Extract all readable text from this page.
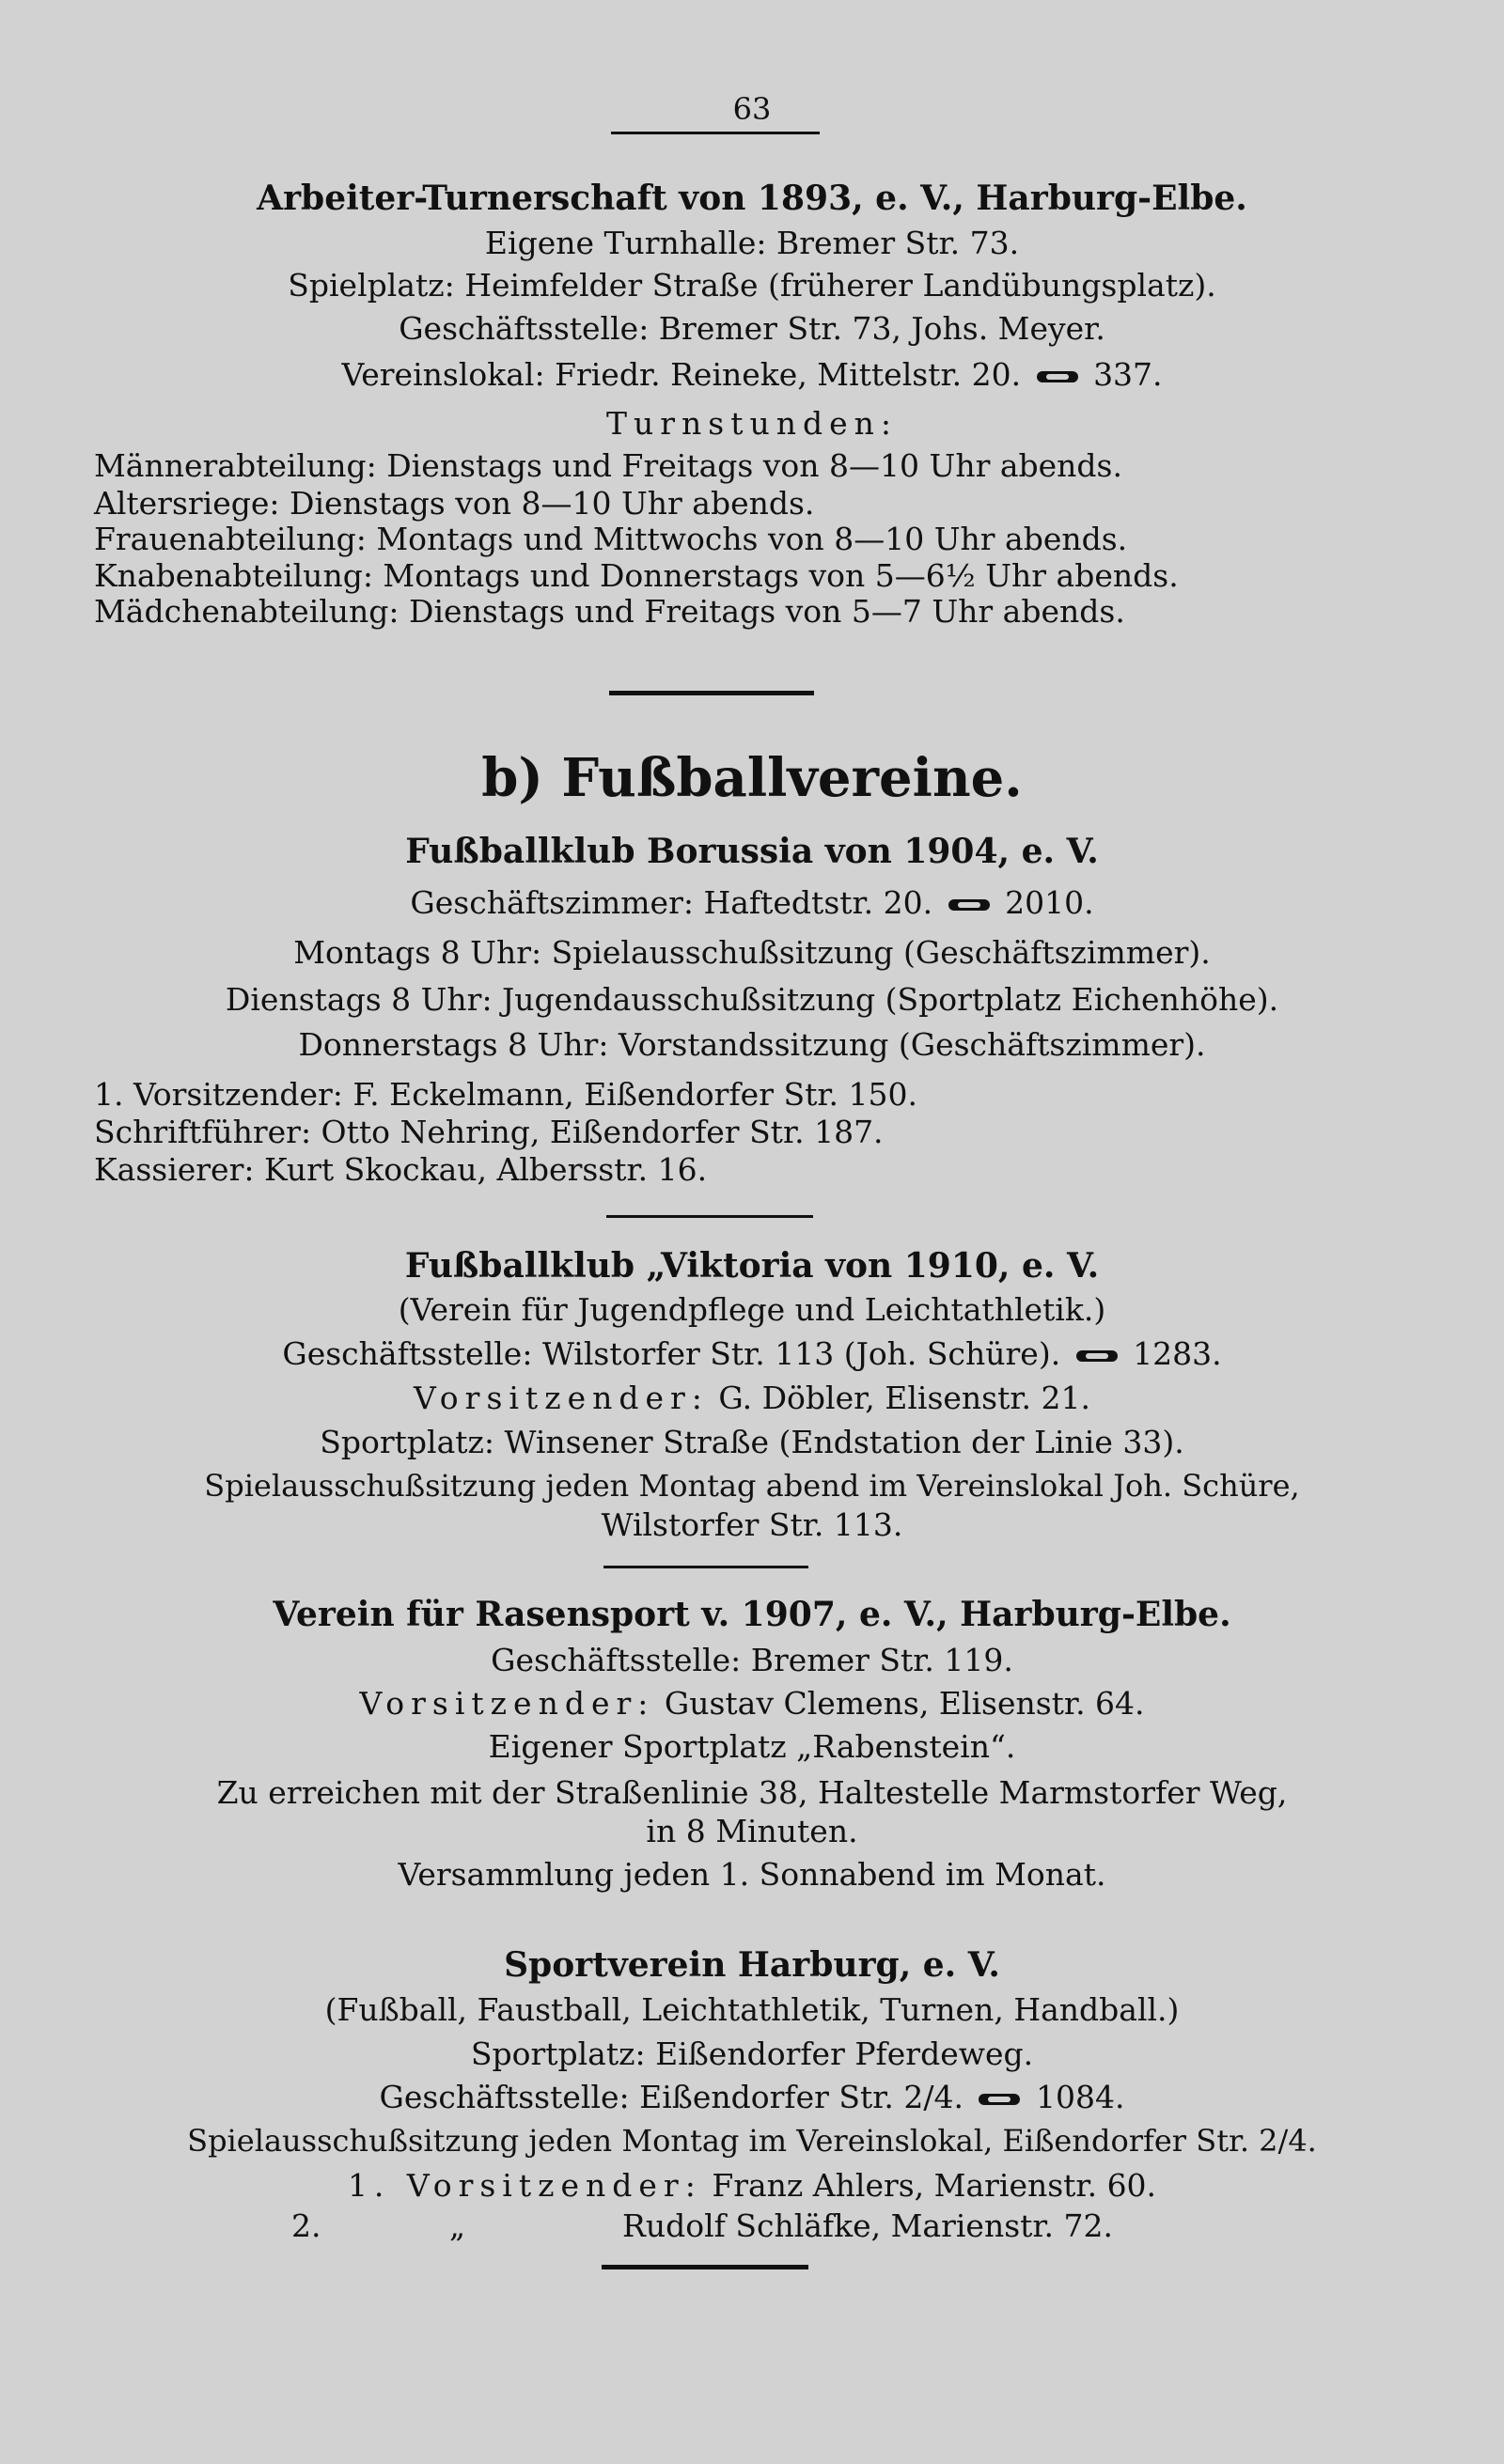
63
Arbeiter-Turnerschaft von 1893, e. V., Harburg-Elbe.
Eigene Turnhalle: Bremer Str. 73.
Spielplatz: Heimfelder Straße (früherer Landübungsplatz).
Geschäftsstelle: Bremer Str. 73, Johs. Meyer.
Vereinslokal: Friedr. Reineke, Mittelstr. 20. 337.
Turnstunden:
Männerabteilung: Dienstags und Freitags von 8—10 Uhr abends.
Altersriege: Dienstags von 8—10 Uhr abends.
Frauenabteilung: Montags und Mittwochs von 8—10 Uhr abends.
Knabenabteilung: Montags und Donnerstags von 5—6½ Uhr abends.
Mädchenabteilung: Dienstags und Freitags von 5—7 Uhr abends.
b) Fußballvereine.
Fußballklub Borussia von 1904, e. V.
Geschäftszimmer: Haftedtstr. 20. 2010.
Montags 8 Uhr: Spielausschußsitzung (Geschäftszimmer).
Dienstags 8 Uhr: Jugendausschußsitzung (Sportplatz Eichenhöhe).
Donnerstags 8 Uhr: Vorstandssitzung (Geschäftszimmer).
1. Vorsitzender: F. Eckelmann, Eißendorfer Str. 150.
Schriftführer: Otto Nehring, Eißendorfer Str. 187.
Kassierer: Kurt Skockau, Albersstr. 16.
Fußballklub „Viktoria von 1910, e. V.
(Verein für Jugendpflege und Leichtathletik.)
Geschäftsstelle: Wilstorfer Str. 113 (Joh. Schüre). 1283.
Vorsitzender: G. Döbler, Elisenstr. 21.
Sportplatz: Winsener Straße (Endstation der Linie 33).
Spielausschußsitzung jeden Montag abend im Vereinslokal Joh. Schüre,
Wilstorfer Str. 113.
Verein für Rasensport v. 1907, e. V., Harburg-Elbe.
Geschäftsstelle: Bremer Str. 119.
Vorsitzender: Gustav Clemens, Elisenstr. 64.
Eigener Sportplatz „Rabenstein“.
Zu erreichen mit der Straßenlinie 38, Haltestelle Marmstorfer Weg,
in 8 Minuten.
Versammlung jeden 1. Sonnabend im Monat.
Sportverein Harburg, e. V.
(Fußball, Faustball, Leichtathletik, Turnen, Handball.)
Sportplatz: Eißendorfer Pferdeweg.
Geschäftsstelle: Eißendorfer Str. 2/4. 1084.
Spielausschußsitzung jeden Montag im Vereinslokal, Eißendorfer Str. 2/4.
1. Vorsitzender: Franz Ahlers, Marienstr. 60.
2.	„	Rudolf Schläfke, Marienstr. 72.
